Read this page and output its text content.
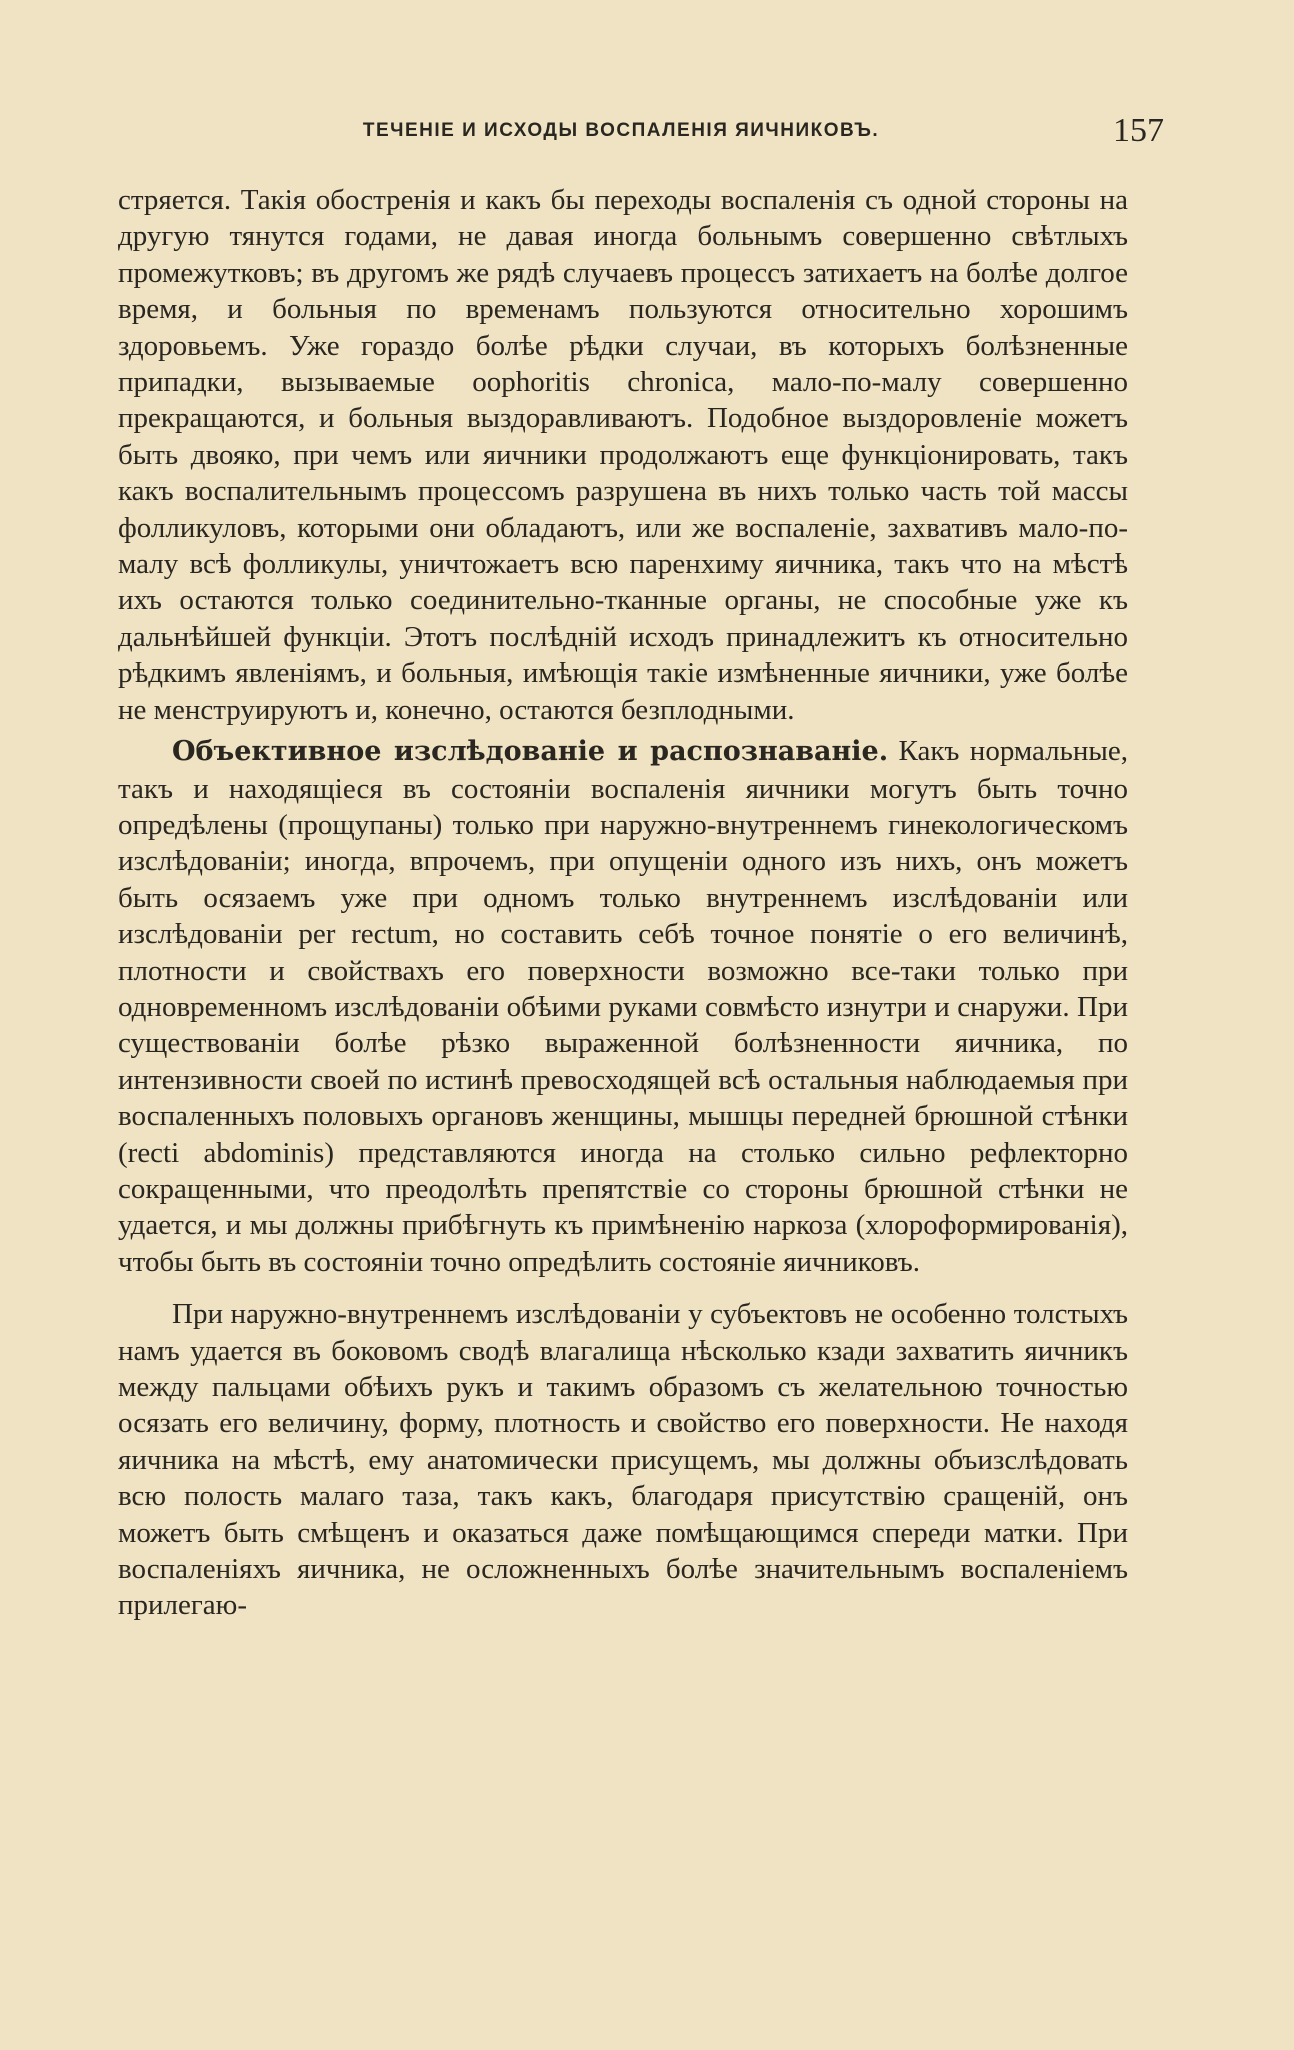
ТЕЧЕНІЕ И ИСХОДЫ ВОСПАЛЕНІЯ ЯИЧНИКОВЪ.	157

стряется. Такія обостренія и какъ бы переходы воспаленія съ одной стороны на другую тянутся годами, не давая иногда больнымъ совершенно свѣтлыхъ промежутковъ; въ другомъ же рядѣ случаевъ процессъ затихаетъ на болѣе долгое время, и больныя по временамъ пользуются относительно хорошимъ здоровьемъ. Уже гораздо болѣе рѣдки случаи, въ которыхъ болѣзненные припадки, вызываемые oophoritis chronica, мало-по-малу совершенно прекращаются, и больныя выздоравливаютъ. Подобное выздоровленіе можетъ быть двояко, при чемъ или яичники продолжаютъ еще функціонировать, такъ какъ воспалительнымъ процессомъ разрушена въ нихъ только часть той массы фолликуловъ, которыми они обладаютъ, или же воспаленіе, захвативъ мало-по-малу всѣ фолликулы, уничтожаетъ всю паренхиму яичника, такъ что на мѣстѣ ихъ остаются только соединительно-тканные органы, не способные уже къ дальнѣйшей функціи. Этотъ послѣдній исходъ принадлежитъ къ относительно рѣдкимъ явленіямъ, и больныя, имѣющія такіе измѣненные яичники, уже болѣе не менструируютъ и, конечно, остаются безплодными.

Объективное изслѣдованіе и распознаваніе. Какъ нормальные, такъ и находящіеся въ состояніи воспаленія яичники могутъ быть точно опредѣлены (прощупаны) только при наружно-внутреннемъ гинекологическомъ изслѣдованіи; иногда, впрочемъ, при опущеніи одного изъ нихъ, онъ можетъ быть осязаемъ уже при одномъ только внутреннемъ изслѣдованіи или изслѣдованіи per rectum, но составить себѣ точное понятіе о его величинѣ, плотности и свойствахъ его поверхности возможно все-таки только при одновременномъ изслѣдованіи обѣими руками совмѣсто изнутри и снаружи. При существованіи болѣе рѣзко выраженной болѣзненности яичника, по интензивности своей по истинѣ превосходящей всѣ остальныя наблюдаемыя при воспаленныхъ половыхъ органовъ женщины, мышцы передней брюшной стѣнки (recti abdominis) представляются иногда на столько сильно рефлекторно сокращенными, что преодолѣть препятствіе со стороны брюшной стѣнки не удается, и мы должны прибѣгнуть къ примѣненію наркоза (хлороформированія), чтобы быть въ состояніи точно опредѣлить состояніе яичниковъ.

При наружно-внутреннемъ изслѣдованіи у субъектовъ не особенно толстыхъ намъ удается въ боковомъ сводѣ влагалища нѣсколько кзади захватить яичникъ между пальцами обѣихъ рукъ и такимъ образомъ съ желательною точностью осязать его величину, форму, плотность и свойство его поверхности. Не находя яичника на мѣстѣ, ему анатомически присущемъ, мы должны объизслѣдовать всю полость малаго таза, такъ какъ, благодаря присутствію сращеній, онъ можетъ быть смѣщенъ и оказаться даже помѣщающимся спереди матки. При воспаленіяхъ яичника, не осложненныхъ болѣе значительнымъ воспаленіемъ прилегаю-
